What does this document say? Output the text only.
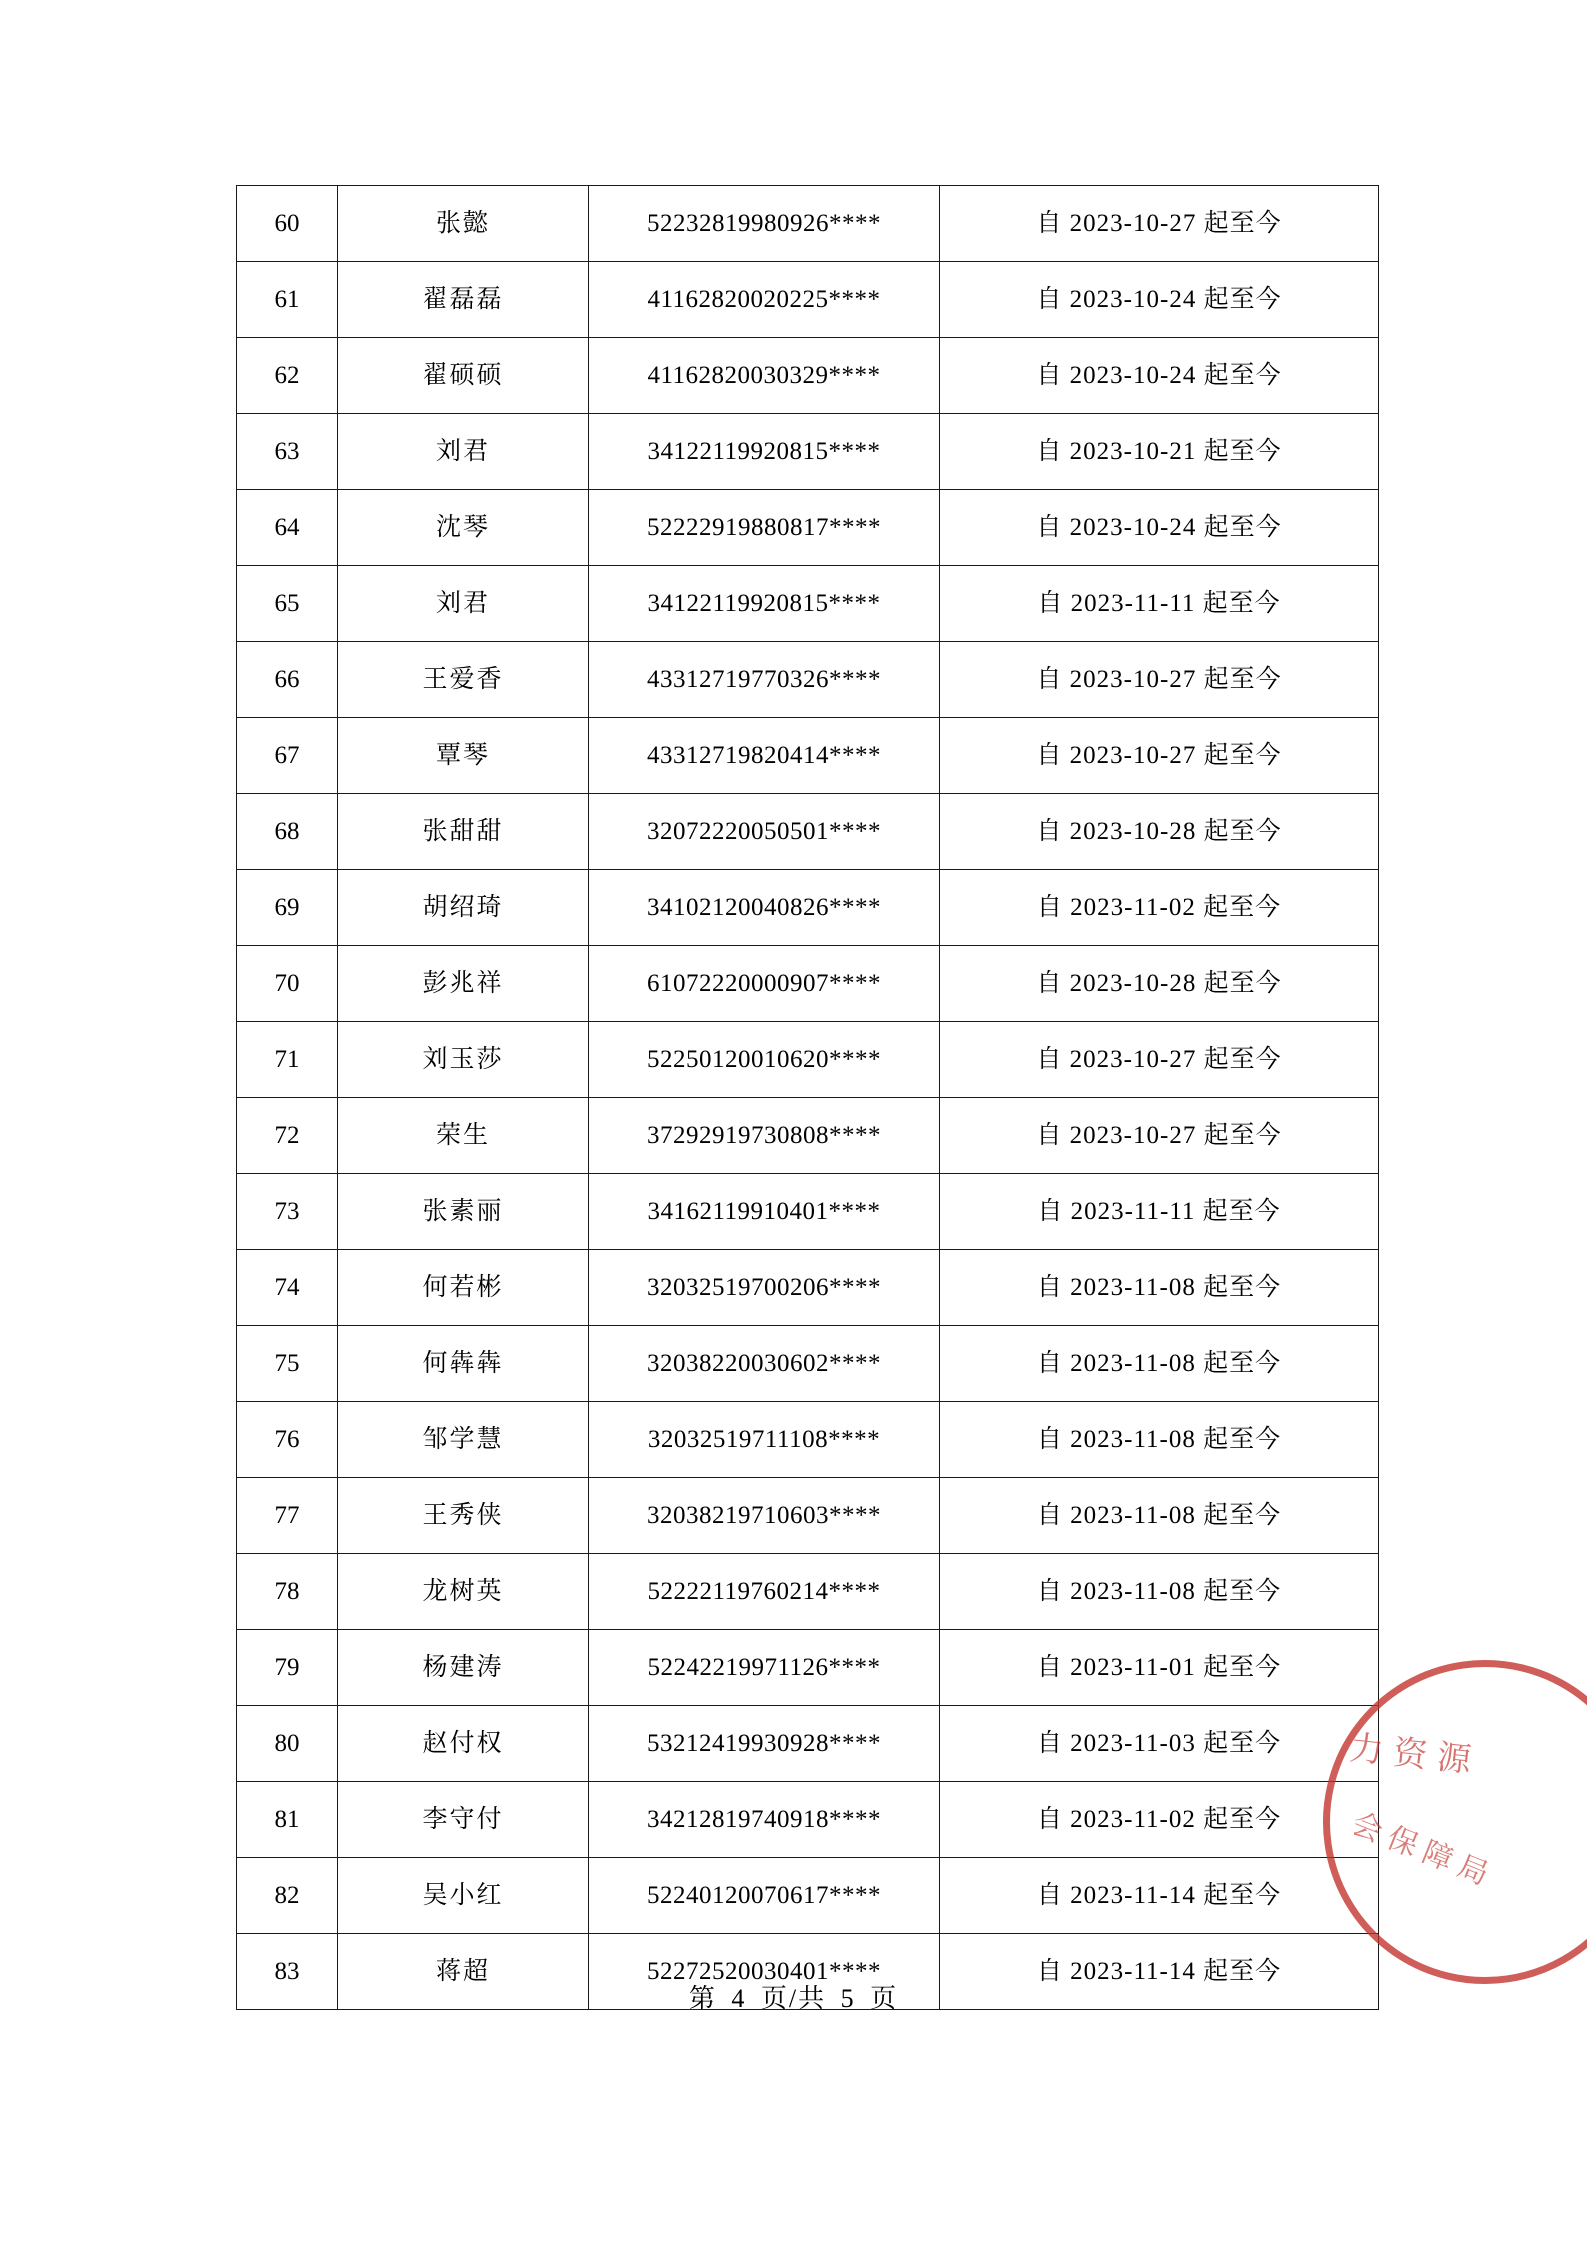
60	张懿	52232819980926****	自 2023-10-27 起至今
61	翟磊磊	41162820020225****	自 2023-10-24 起至今
62	翟硕硕	41162820030329****	自 2023-10-24 起至今
63	刘君	34122119920815****	自 2023-10-21 起至今
64	沈琴	52222919880817****	自 2023-10-24 起至今
65	刘君	34122119920815****	自 2023-11-11 起至今
66	王爱香	43312719770326****	自 2023-10-27 起至今
67	覃琴	43312719820414****	自 2023-10-27 起至今
68	张甜甜	32072220050501****	自 2023-10-28 起至今
69	胡绍琦	34102120040826****	自 2023-11-02 起至今
70	彭兆祥	61072220000907****	自 2023-10-28 起至今
71	刘玉莎	52250120010620****	自 2023-10-27 起至今
72	荣生	37292919730808****	自 2023-10-27 起至今
73	张素丽	34162119910401****	自 2023-11-11 起至今
74	何若彬	32032519700206****	自 2023-11-08 起至今
75	何犇犇	32038220030602****	自 2023-11-08 起至今
76	邹学慧	32032519711108****	自 2023-11-08 起至今
77	王秀侠	32038219710603****	自 2023-11-08 起至今
78	龙树英	52222119760214****	自 2023-11-08 起至今
79	杨建涛	52242219971126****	自 2023-11-01 起至今
80	赵付权	53212419930928****	自 2023-11-03 起至今
81	李守付	34212819740918****	自 2023-11-02 起至今
82	吴小红	52240120070617****	自 2023-11-14 起至今
83	蒋超	52272520030401****	自 2023-11-14 起至今
第 4 页/共 5 页
力资源
会保障局
